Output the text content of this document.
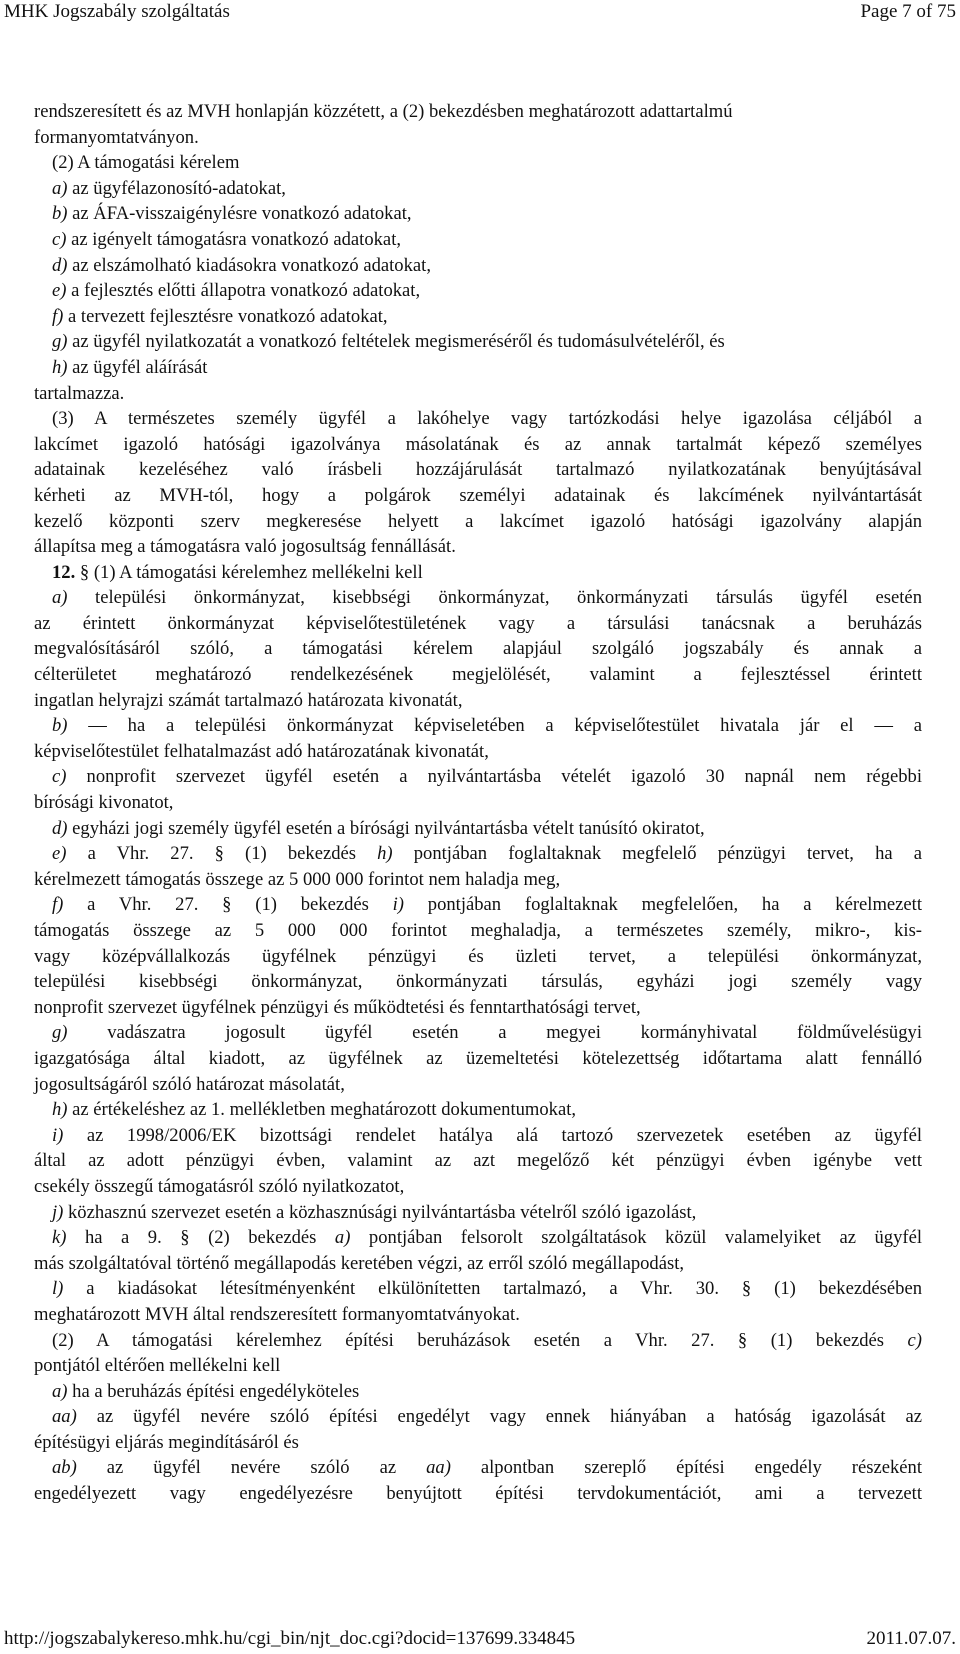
MHK Jogszabály szolgáltatás	Page 7 of 75
rendszeresített és az MVH honlapján közzétett, a (2) bekezdésben meghatározott adattartalmú
formanyomtatványon.
(2) A támogatási kérelem
a) az ügyfélazonosító-adatokat,
b) az ÁFA-visszaigénylésre vonatkozó adatokat,
c) az igényelt támogatásra vonatkozó adatokat,
d) az elszámolható kiadásokra vonatkozó adatokat,
e) a fejlesztés előtti állapotra vonatkozó adatokat,
f) a tervezett fejlesztésre vonatkozó adatokat,
g) az ügyfél nyilatkozatát a vonatkozó feltételek megismeréséről és tudomásulvételéről, és
h) az ügyfél aláírását
tartalmazza.
(3) A természetes személy ügyfél a lakóhelye vagy tartózkodási helye igazolása céljából a
lakcímet igazoló hatósági igazolványa másolatának és az annak tartalmát képező személyes
adatainak kezeléséhez való írásbeli hozzájárulását tartalmazó nyilatkozatának benyújtásával
kérheti az MVH-tól, hogy a polgárok személyi adatainak és lakcímének nyilvántartását
kezelő központi szerv megkeresése helyett a lakcímet igazoló hatósági igazolvány alapján
állapítsa meg a támogatásra való jogosultság fennállását.
12. § (1) A támogatási kérelemhez mellékelni kell
a) települési önkormányzat, kisebbségi önkormányzat, önkormányzati társulás ügyfél esetén
az érintett önkormányzat képviselőtestületének vagy a társulási tanácsnak a beruházás
megvalósításáról szóló, a támogatási kérelem alapjául szolgáló jogszabály és annak a
célterületet meghatározó rendelkezésének megjelölését, valamint a fejlesztéssel érintett
ingatlan helyrajzi számát tartalmazó határozata kivonatát,
b) — ha a települési önkormányzat képviseletében a képviselőtestület hivatala jár el — a
képviselőtestület felhatalmazást adó határozatának kivonatát,
c) nonprofit szervezet ügyfél esetén a nyilvántartásba vételét igazoló 30 napnál nem régebbi
bírósági kivonatot,
d) egyházi jogi személy ügyfél esetén a bírósági nyilvántartásba vételt tanúsító okiratot,
e) a Vhr. 27. § (1) bekezdés h) pontjában foglaltaknak megfelelő pénzügyi tervet, ha a
kérelmezett támogatás összege az 5 000 000 forintot nem haladja meg,
f) a Vhr. 27. § (1) bekezdés i) pontjában foglaltaknak megfelelően, ha a kérelmezett
támogatás összege az 5 000 000 forintot meghaladja, a természetes személy, mikro-, kis-
vagy középvállalkozás ügyfélnek pénzügyi és üzleti tervet, a települési önkormányzat,
települési kisebbségi önkormányzat, önkormányzati társulás, egyházi jogi személy vagy
nonprofit szervezet ügyfélnek pénzügyi és működtetési és fenntarthatósági tervet,
g) vadászatra jogosult ügyfél esetén a megyei kormányhivatal földművelésügyi
igazgatósága által kiadott, az ügyfélnek az üzemeltetési kötelezettség időtartama alatt fennálló
jogosultságáról szóló határozat másolatát,
h) az értékeléshez az 1. mellékletben meghatározott dokumentumokat,
i) az 1998/2006/EK bizottsági rendelet hatálya alá tartozó szervezetek esetében az ügyfél
által az adott pénzügyi évben, valamint az azt megelőző két pénzügyi évben igénybe vett
csekély összegű támogatásról szóló nyilatkozatot,
j) közhasznú szervezet esetén a közhasznúsági nyilvántartásba vételről szóló igazolást,
k) ha a 9. § (2) bekezdés a) pontjában felsorolt szolgáltatások közül valamelyiket az ügyfél
más szolgáltatóval történő megállapodás keretében végzi, az erről szóló megállapodást,
l) a kiadásokat létesítményenként elkülönítetten tartalmazó, a Vhr. 30. § (1) bekezdésében
meghatározott MVH által rendszeresített formanyomtatványokat.
(2) A támogatási kérelemhez építési beruházások esetén a Vhr. 27. § (1) bekezdés c)
pontjától eltérően mellékelni kell
a) ha a beruházás építési engedélyköteles
aa) az ügyfél nevére szóló építési engedélyt vagy ennek hiányában a hatóság igazolását az
építésügyi eljárás megindításáról és
ab) az ügyfél nevére szóló az aa) alpontban szereplő építési engedély részeként
engedélyezett vagy engedélyezésre benyújtott építési tervdokumentációt, ami a tervezett
http://jogszabalykereso.mhk.hu/cgi_bin/njt_doc.cgi?docid=137699.334845	2011.07.07.
